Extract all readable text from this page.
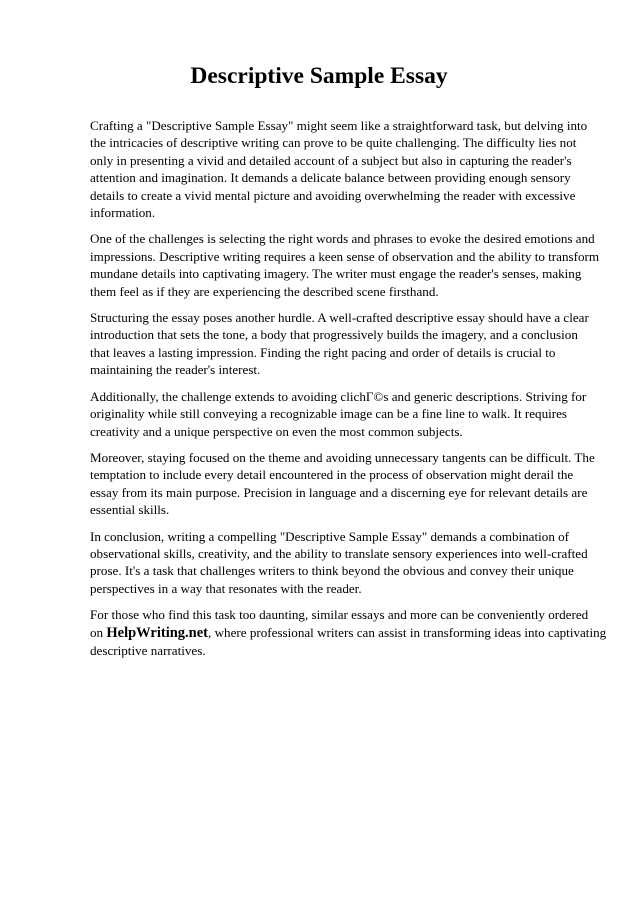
Descriptive Sample Essay

Crafting a "Descriptive Sample Essay" might seem like a straightforward task, but delving into
the intricacies of descriptive writing can prove to be quite challenging. The difficulty lies not
only in presenting a vivid and detailed account of a subject but also in capturing the reader's
attention and imagination. It demands a delicate balance between providing enough sensory
details to create a vivid mental picture and avoiding overwhelming the reader with excessive
information.

One of the challenges is selecting the right words and phrases to evoke the desired emotions and
impressions. Descriptive writing requires a keen sense of observation and the ability to transform
mundane details into captivating imagery. The writer must engage the reader's senses, making
them feel as if they are experiencing the described scene firsthand.

Structuring the essay poses another hurdle. A well-crafted descriptive essay should have a clear
introduction that sets the tone, a body that progressively builds the imagery, and a conclusion
that leaves a lasting impression. Finding the right pacing and order of details is crucial to
maintaining the reader's interest.

Additionally, the challenge extends to avoiding clichΓ©s and generic descriptions. Striving for
originality while still conveying a recognizable image can be a fine line to walk. It requires
creativity and a unique perspective on even the most common subjects.

Moreover, staying focused on the theme and avoiding unnecessary tangents can be difficult. The
temptation to include every detail encountered in the process of observation might derail the
essay from its main purpose. Precision in language and a discerning eye for relevant details are
essential skills.

In conclusion, writing a compelling "Descriptive Sample Essay" demands a combination of
observational skills, creativity, and the ability to translate sensory experiences into well-crafted
prose. It's a task that challenges writers to think beyond the obvious and convey their unique
perspectives in a way that resonates with the reader.

For those who find this task too daunting, similar essays and more can be conveniently ordered
on HelpWriting.net, where professional writers can assist in transforming ideas into captivating
descriptive narratives.
